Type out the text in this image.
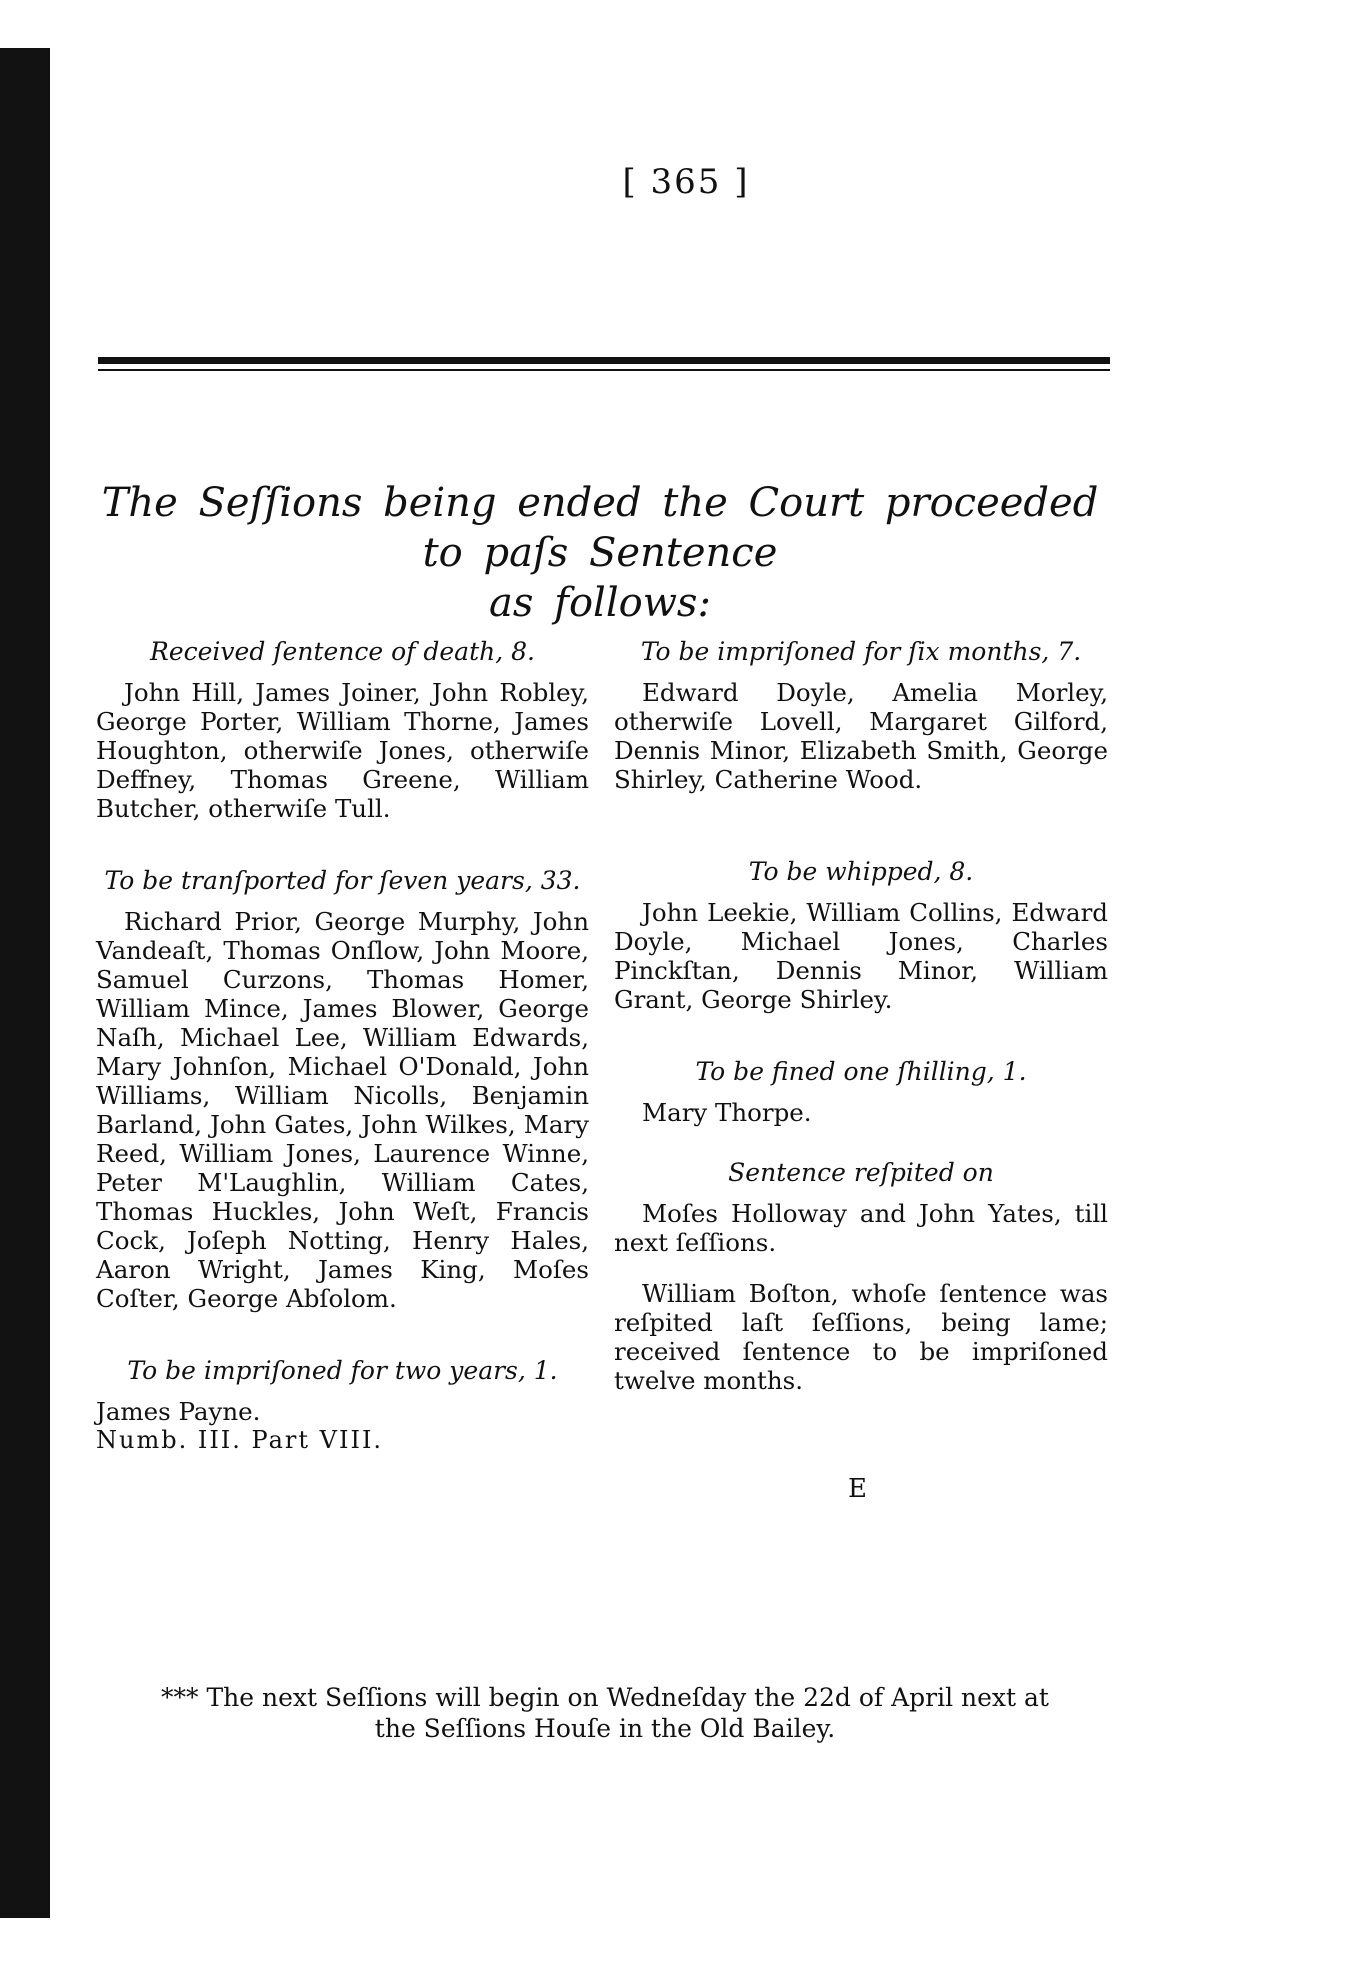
[ 365 ]
The Seſſions being ended the Court proceeded to paſs Sentence
as follows:

Received ſentence of death, 8.

John Hill, James Joiner, John Robley, George Porter, William Thorne, James Houghton, otherwiſe Jones, otherwiſe Deffney, Thomas Greene, William Butcher, otherwiſe Tull.

To be tranſported for ſeven years, 33.

Richard Prior, George Murphy, John Vandeaſt, Thomas Onſlow, John Moore, Samuel Curzons, Thomas Homer, William Mince, James Blower, George Naſh, Michael Lee, William Edwards, Mary Johnſon, Michael O'Donald, John Williams, William Nicolls, Benjamin Barland, John Gates, John Wilkes, Mary Reed, William Jones, Laurence Winne, Peter M'Laughlin, William Cates, Thomas Huckles, John Weſt, Francis Cock, Joſeph Notting, Henry Hales, Aaron Wright, James King, Moſes Coſter, George Abſolom.

To be impriſoned for two years, 1.

James Payne.

Numb. III. Part VIII.

To be impriſoned for ſix months, 7.

Edward Doyle, Amelia Morley, otherwiſe Lovell, Margaret Gilford, Dennis Minor, Elizabeth Smith, George Shirley, Catherine Wood.

To be whipped, 8.

John Leekie, William Collins, Edward Doyle, Michael Jones, Charles Pinckſtan, Dennis Minor, William Grant, George Shirley.

To be fined one ſhilling, 1.

Mary Thorpe.

Sentence reſpited on

Moſes Holloway and John Yates, till next ſeſſions.

William Boſton, whoſe ſentence was reſpited laſt ſeſſions, being lame; received ſentence to be impriſoned twelve months.

E
*** The next Seſſions will begin on Wedneſday the 22d of April next at
the Seſſions Houſe in the Old Bailey.
